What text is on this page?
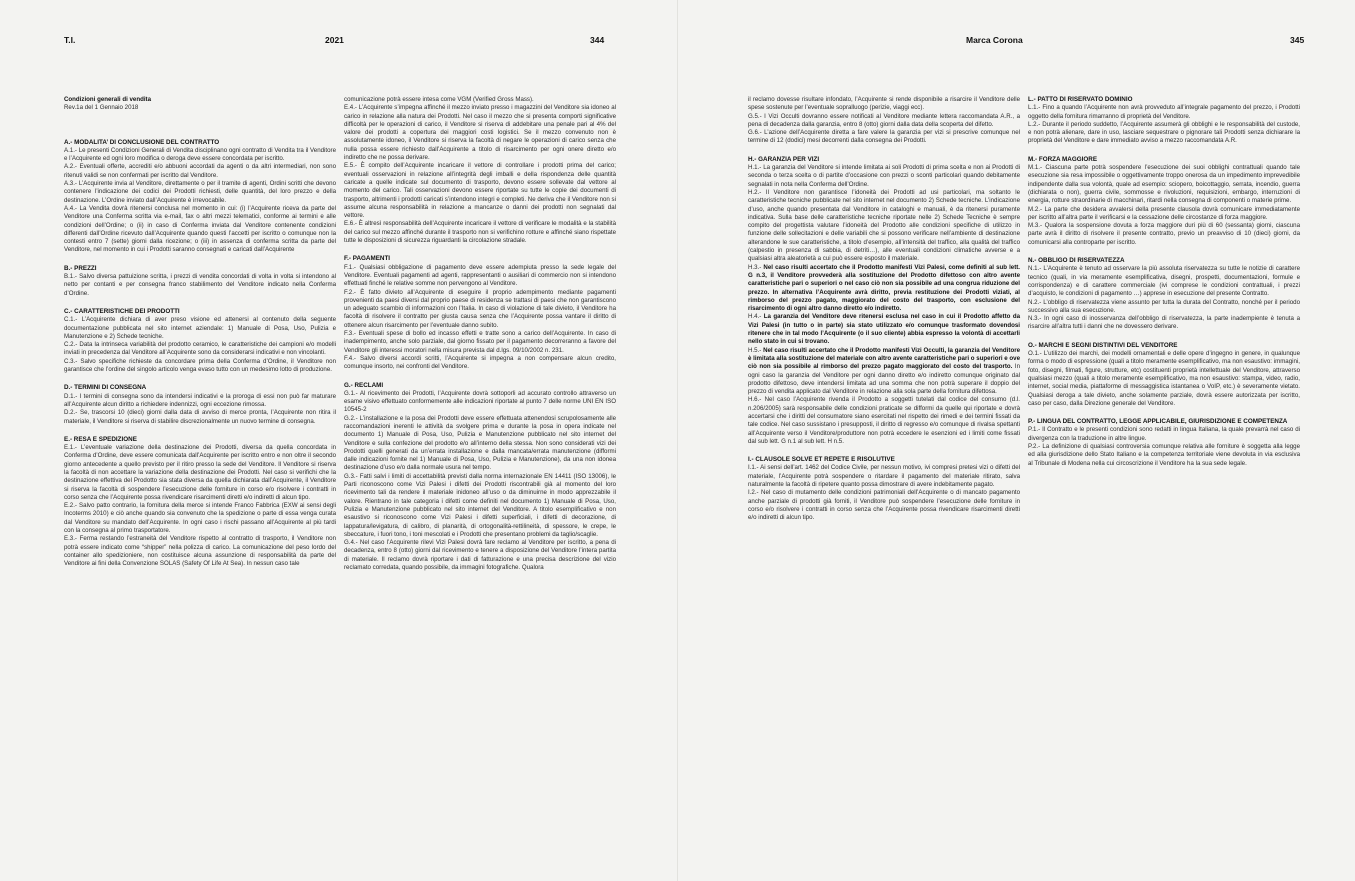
T.I.	2021	344

Condizioni generali di vendita

Rev.1a del 1 Gennaio 2018

A.- MODALITA’ DI CONCLUSIONE DEL CONTRATTO

A.1.- Le presenti Condizioni Generali di Vendita disciplinano ogni contratto di Vendita tra il Venditore e l’Acquirente ed ogni loro modifica o deroga deve essere concordata per iscritto.

A.2.- Eventuali offerte, accrediti e/o abbuoni accordati da agenti o da altri intermediari, non sono ritenuti validi se non confermati per iscritto dal Venditore.

A.3.- L’Acquirente invia al Venditore, direttamente o per il tramite di agenti, Ordini scritti che devono contenere l’indicazione dei codici dei Prodotti richiesti, delle quantità, del loro prezzo e della destinazione. L’Ordine inviato dall’Acquirente è irrevocabile.

A.4.- La Vendita dovrà ritenersi conclusa nel momento in cui: (i) l’Acquirente riceva da parte del Venditore una Conferma scritta via e-mail, fax o altri mezzi telematici, conforme ai termini e alle condizioni dell’Ordine; o (ii) in caso di Conferma inviata dal Venditore contenente condizioni differenti dall’Ordine ricevuto dall’Acquirente quando questi l’accetti per iscritto o comunque non la contesti entro 7 (sette) giorni dalla ricezione; o (iii) in assenza di conferma scritta da parte del Venditore, nel momento in cui i Prodotti saranno consegnati e caricati dall’Acquirente

B.- PREZZI

B.1.- Salvo diversa pattuizione scritta, i prezzi di vendita concordati di volta in volta si intendono al netto per contanti e per consegna franco stabilimento del Venditore indicato nella Conferma d’Ordine.

C.- CARATTERISTICHE DEI PRODOTTI

C.1.- L’Acquirente dichiara di aver preso visione ed attenersi al contenuto della seguente documentazione pubblicata nel sito internet aziendale: 1) Manuale di Posa, Uso, Pulizia e Manutenzione e 2) Schede tecniche.

C.2.- Data la intrinseca variabilità del prodotto ceramico, le caratteristiche dei campioni e/o modelli inviati in precedenza dal Venditore all’Acquirente sono da considerarsi indicativi e non vincolanti.

C.3.- Salvo specifiche richieste da concordare prima della Conferma d’Ordine, il Venditore non garantisce che l’ordine del singolo articolo venga evaso tutto con un medesimo lotto di produzione.

D.- TERMINI DI CONSEGNA

D.1.- I termini di consegna sono da intendersi indicativi e la proroga di essi non può far maturare all’Acquirente alcun diritto a richiedere indennizzi, ogni eccezione rimossa.

D.2.- Se, trascorsi 10 (dieci) giorni dalla data di avviso di merce pronta, l’Acquirente non ritira il materiale, il Venditore si riserva di stabilire discrezionalmente un nuovo termine di consegna.

E.- RESA E SPEDIZIONE

E.1.- L’eventuale variazione della destinazione dei Prodotti, diversa da quella concordata in Conferma d’Ordine, deve essere comunicata dall’Acquirente per iscritto entro e non oltre il secondo giorno antecedente a quello previsto per il ritiro presso la sede del Venditore. Il Venditore si riserva la facoltà di non accettare la variazione della destinazione dei Prodotti. Nel caso si verifichi che la destinazione effettiva del Prodotto sia stata diversa da quella dichiarata dall’Acquirente, il Venditore si riserva la facoltà di sospendere l’esecuzione delle forniture in corso e/o risolvere i contratti in corso senza che l’Acquirente possa rivendicare risarcimenti diretti e/o indiretti di alcun tipo.

E.2.- Salvo patto contrario, la fornitura della merce si intende Franco Fabbrica (EXW ai sensi degli Incoterms 2010) e ciò anche quando sia convenuto che la spedizione o parte di essa venga curata dal Venditore su mandato dell’Acquirente. In ogni caso i rischi passano all’Acquirente al più tardi con la consegna al primo trasportatore.

E.3.- Ferma restando l’estraneità del Venditore rispetto al contratto di trasporto, il Venditore non potrà essere indicato come “shipper” nella polizza di carico. La comunicazione del peso lordo del container allo spedizioniere, non costituisce alcuna assunzione di responsabilità da parte del Venditore ai fini della Convenzione SOLAS (Safety Of Life At Sea). In nessun caso tale

comunicazione potrà essere intesa come VGM (Verified Gross Mass).

E.4.- L’Acquirente s’impegna affinché il mezzo inviato presso i magazzini del Venditore sia idoneo al carico in relazione alla natura dei Prodotti. Nel caso il mezzo che si presenta comporti significative difficoltà per le operazioni di carico, il Venditore si riserva di addebitare una penale pari al 4% del valore dei prodotti a copertura dei maggiori costi logistici. Se il mezzo convenuto non è assolutamente idoneo, il Venditore si riserva la facoltà di negare le operazioni di carico senza che nulla possa essere richiesto dall’Acquirente a titolo di risarcimento per ogni onere diretto e/o indiretto che ne possa derivare.

E.5.- È compito dell’Acquirente incaricare il vettore di controllare i prodotti prima del carico; eventuali osservazioni in relazione all’integrità degli imballi e della rispondenza delle quantità caricate a quelle indicate sul documento di trasporto, devono essere sollevate dal vettore al momento del carico. Tali osservazioni devono essere riportate su tutte le copie dei documenti di trasporto, altrimenti i prodotti caricati s’intendono integri e completi. Ne deriva che il Venditore non si assume alcuna responsabilità in relazione a mancanze o danni dei prodotti non segnalati dal vettore.

E.6.- È altresì responsabilità dell’Acquirente incaricare il vettore di verificare le modalità e la stabilità del carico sul mezzo affinché durante il trasporto non si verifichino rotture e affinché siano rispettate tutte le disposizioni di sicurezza riguardanti la circolazione stradale.

F.- PAGAMENTI

F.1.- Qualsiasi obbligazione di pagamento deve essere adempiuta presso la sede legale del Venditore. Eventuali pagamenti ad agenti, rappresentanti o ausiliari di commercio non si intendono effettuati finché le relative somme non pervengono al Venditore.

F.2.- È fatto divieto all’Acquirente di eseguire il proprio adempimento mediante pagamenti provenienti da paesi diversi dal proprio paese di residenza se trattasi di paesi che non garantiscono un adeguato scambio di informazioni con l’Italia. In caso di violazione di tale divieto, il Venditore ha facoltà di risolvere il contratto per giusta causa senza che l’Acquirente possa vantare il diritto di ottenere alcun risarcimento per l’eventuale danno subito.

F.3.- Eventuali spese di bollo ed incasso effetti e tratte sono a carico dell’Acquirente. In caso di inadempimento, anche solo parziale, dal giorno fissato per il pagamento decorreranno a favore del Venditore gli interessi moratori nella misura prevista dal d.lgs. 09/10/2002 n. 231.

F.4.- Salvo diversi accordi scritti, l’Acquirente si impegna a non compensare alcun credito, comunque insorto, nei confronti del Venditore.

G.- RECLAMI

G.1.- Al ricevimento dei Prodotti, l’Acquirente dovrà sottoporli ad accurato controllo attraverso un esame visivo effettuato conformemente alle indicazioni riportate al punto 7 delle norme UNI EN ISO 10545-2

G.2.- L’installazione e la posa dei Prodotti deve essere effettuata attenendosi scrupolosamente alle raccomandazioni inerenti le attività da svolgere prima e durante la posa in opera indicate nel documento 1) Manuale di Posa, Uso, Pulizia e Manutenzione pubblicato nel sito internet del Venditore e sulla confezione del prodotto e/o all’interno della stessa. Non sono considerati vizi dei Prodotti quelli generati da un’errata installazione e dalla mancata/errata manutenzione (difformi dalle indicazioni fornite nel 1) Manuale di Posa, Uso, Pulizia e Manutenzione), da una non idonea destinazione d’uso e/o dalla normale usura nel tempo.

G.3.- Fatti salvi i limiti di accettabilità previsti dalla norma internazionale EN 14411 (ISO 13006), le Parti riconoscono come Vizi Palesi i difetti dei Prodotti riscontrabili già al momento del loro ricevimento tali da rendere il materiale inidoneo all’uso o da diminuirne in modo apprezzabile il valore. Rientrano in tale categoria i difetti come definiti nel documento 1) Manuale di Posa, Uso, Pulizia e Manutenzione pubblicato nel sito internet del Venditore. A titolo esemplificativo e non esaustivo si riconoscono come Vizi Palesi i difetti superficiali, i difetti di decorazione, di lappatura/levigatura, di calibro, di planarità, di ortogonalità-rettilineità, di spessore, le crepe, le sbeccature, i fuori tono, i toni mescolati e i Prodotti che presentano problemi da taglio/scaglie.

G.4.- Nel caso l’Acquirente rilevi Vizi Palesi dovrà fare reclamo al Venditore per iscritto, a pena di decadenza, entro 8 (otto) giorni dal ricevimento e tenere a disposizione del Venditore l’intera partita di materiale. Il reclamo dovrà riportare i dati di fatturazione e una precisa descrizione del vizio reclamato corredata, quando possibile, da immagini fotografiche. Qualora

345
Marca Corona

il reclamo dovesse risultare infondato, l’Acquirente si rende disponibile a risarcire il Venditore delle spese sostenute per l’eventuale sopralluogo (perizie, viaggi ecc).

G.5.- I Vizi Occulti dovranno essere notificati al Venditore mediante lettera raccomandata A.R., a pena di decadenza dalla garanzia, entro 8 (otto) giorni dalla data della scoperta del difetto.

G.6.- L’azione dell’Acquirente diretta a fare valere la garanzia per vizi si prescrive comunque nel termine di 12 (dodici) mesi decorrenti dalla consegna dei Prodotti.

H.- GARANZIA PER VIZI

H.1.- La garanzia del Venditore si intende limitata ai soli Prodotti di prima scelta e non ai Prodotti di seconda o terza scelta o di partite d’occasione con prezzi o sconti particolari quando debitamente segnalati in nota nella Conferma dell’Ordine.

H.2.- Il Venditore non garantisce l’idoneità dei Prodotti ad usi particolari, ma soltanto le caratteristiche tecniche pubblicate nel sito internet nel documento 2) Schede tecniche. L’indicazione d’uso, anche quando presentata dal Venditore in cataloghi e manuali, è da ritenersi puramente indicativa. Sulla base delle caratteristiche tecniche riportate nelle 2) Schede Tecniche è sempre compito del progettista valutare l’idoneità del Prodotto alle condizioni specifiche di utilizzo in funzione delle sollecitazioni e delle variabili che si possono verificare nell’ambiente di destinazione alterandone le sue caratteristiche, a titolo d’esempio, all’intensità del traffico, alla qualità del traffico (calpestio in presenza di sabbia, di detriti…), alle eventuali condizioni climatiche avverse e a qualsiasi altra aleatorietà a cui può essere esposto il materiale.

H.3.- Nel caso risulti accertato che il Prodotto manifesti Vizi Palesi, come definiti al sub lett. G n.3, il Venditore provvederà alla sostituzione del Prodotto difettoso con altro avente caratteristiche pari o superiori o nel caso ciò non sia possibile ad una congrua riduzione del prezzo. In alternativa l’Acquirente avrà diritto, previa restituzione dei Prodotti viziati, al rimborso del prezzo pagato, maggiorato del costo del trasporto, con esclusione del risarcimento di ogni altro danno diretto e/o indiretto.

H.4.- La garanzia del Venditore deve ritenersi esclusa nel caso in cui il Prodotto affetto da Vizi Palesi (in tutto o in parte) sia stato utilizzato e/o comunque trasformato dovendosi ritenere che in tal modo l’Acquirente (o il suo cliente) abbia espresso la volontà di accettarli nello stato in cui si trovano.

H.5.- Nel caso risulti accertato che il Prodotto manifesti Vizi Occulti, la garanzia del Venditore è limitata alla sostituzione del materiale con altro avente caratteristiche pari o superiori e ove ciò non sia possibile al rimborso del prezzo pagato maggiorato del costo del trasporto. In ogni caso la garanzia del Venditore per ogni danno diretto e/o indiretto comunque originato dal prodotto difettoso, deve intendersi limitata ad una somma che non potrà superare il doppio del prezzo di vendita applicato dal Venditore in relazione alla sola parte della fornitura difettosa.

H.6.- Nel caso l’Acquirente rivenda il Prodotto a soggetti tutelati dal codice del consumo (d.l. n.206/2005) sarà responsabile delle condizioni praticate se difformi da quelle qui riportate e dovrà accertarsi che i diritti del consumatore siano esercitati nel rispetto dei rimedi e dei termini fissati da tale codice. Nel caso sussistano i presupposti, il diritto di regresso e/o comunque di rivalsa spettanti all’Acquirente verso il Venditore/produttore non potrà eccedere le esenzioni ed i limiti come fissati dal sub lett. G n.1 al sub lett. H n.5.

I.- CLAUSOLE SOLVE ET REPETE E RISOLUTIVE

I.1.- Ai sensi dell’art. 1462 del Codice Civile, per nessun motivo, ivi compresi pretesi vizi o difetti del materiale, l’Acquirente potrà sospendere o ritardare il pagamento del materiale ritirato, salva naturalmente la facoltà di ripetere quanto possa dimostrare di avere indebitamente pagato.

I.2.- Nel caso di mutamento delle condizioni patrimoniali dell’Acquirente o di mancato pagamento anche parziale di prodotti già forniti, il Venditore può sospendere l’esecuzione delle forniture in corso e/o risolvere i contratti in corso senza che l’Acquirente possa rivendicare risarcimenti diretti e/o indiretti di alcun tipo.

L.- PATTO DI RISERVATO DOMINIO

L.1.- Fino a quando l’Acquirente non avrà provveduto all’integrale pagamento del prezzo, i Prodotti oggetto della fornitura rimarranno di proprietà del Venditore.

L.2.- Durante il periodo suddetto, l’Acquirente assumerà gli obblighi e le responsabilità del custode, e non potrà alienare, dare in uso, lasciare sequestrare o pignorare tali Prodotti senza dichiarare la proprietà del Venditore e dare immediato avviso a mezzo raccomandata A.R.

M.- FORZA MAGGIORE

M.1.- Ciascuna parte potrà sospendere l’esecuzione dei suoi obblighi contrattuali quando tale esecuzione sia resa impossibile o oggettivamente troppo onerosa da un impedimento imprevedibile indipendente dalla sua volontà, quale ad esempio: sciopero, boicottaggio, serrata, incendio, guerra (dichiarata o non), guerra civile, sommosse e rivoluzioni, requisizioni, embargo, interruzioni di energia, rotture straordinarie di macchinari, ritardi nella consegna di componenti o materie prime.

M.2.- La parte che desidera avvalersi della presente clausola dovrà comunicare immediatamente per iscritto all’altra parte il verificarsi e la cessazione delle circostanze di forza maggiore.

M.3.- Qualora la sospensione dovuta a forza maggiore duri più di 60 (sessanta) giorni, ciascuna parte avrà il diritto di risolvere il presente contratto, previo un preavviso di 10 (dieci) giorni, da comunicarsi alla controparte per iscritto.

N.- OBBLIGO DI RISERVATEZZA

N.1.- L’Acquirente è tenuto ad osservare la più assoluta riservatezza su tutte le notizie di carattere tecnico (quali, in via meramente esemplificativa, disegni, prospetti, documentazioni, formule e corrispondenza) e di carattere commerciale (ivi comprese le condizioni contrattuali, i prezzi d’acquisto, le condizioni di pagamento …) apprese in esecuzione del presente Contratto.

N.2.- L’obbligo di riservatezza viene assunto per tutta la durata del Contratto, nonché per il periodo successivo alla sua esecuzione.

N.3.- In ogni caso di inosservanza dell’obbligo di riservatezza, la parte inadempiente è tenuta a risarcire all’altra tutti i danni che ne dovessero derivare.

O.- MARCHI E SEGNI DISTINTIVI DEL VENDITORE

O.1.- L’utilizzo dei marchi, dei modelli ornamentali e delle opere d’ingegno in genere, in qualunque forma o modo di espressione (quali a titolo meramente esemplificativo, ma non esaustivo: immagini, foto, disegni, filmati, figure, strutture, etc) costituenti proprietà intellettuale del Venditore, attraverso qualsiasi mezzo (quali a titolo meramente esemplificativo, ma non esaustivo: stampa, video, radio, internet, social media, piattaforme di messaggistica istantanea o VoIP, etc.) è severamente vietato. Qualsiasi deroga a tale divieto, anche solamente parziale, dovrà essere autorizzata per iscritto, caso per caso, dalla Direzione generale del Venditore.

P.- LINGUA DEL CONTRATTO, LEGGE APPLICABILE, GIURISDIZIONE E COMPETENZA

P.1.- Il Contratto e le presenti condizioni sono redatti in lingua Italiana, la quale prevarrà nel caso di divergenza con la traduzione in altre lingue.

P.2.- La definizione di qualsiasi controversia comunque relativa alle forniture è soggetta alla legge ed alla giurisdizione dello Stato Italiano e la competenza territoriale viene devoluta in via esclusiva al Tribunale di Modena nella cui circoscrizione il Venditore ha la sua sede legale.
